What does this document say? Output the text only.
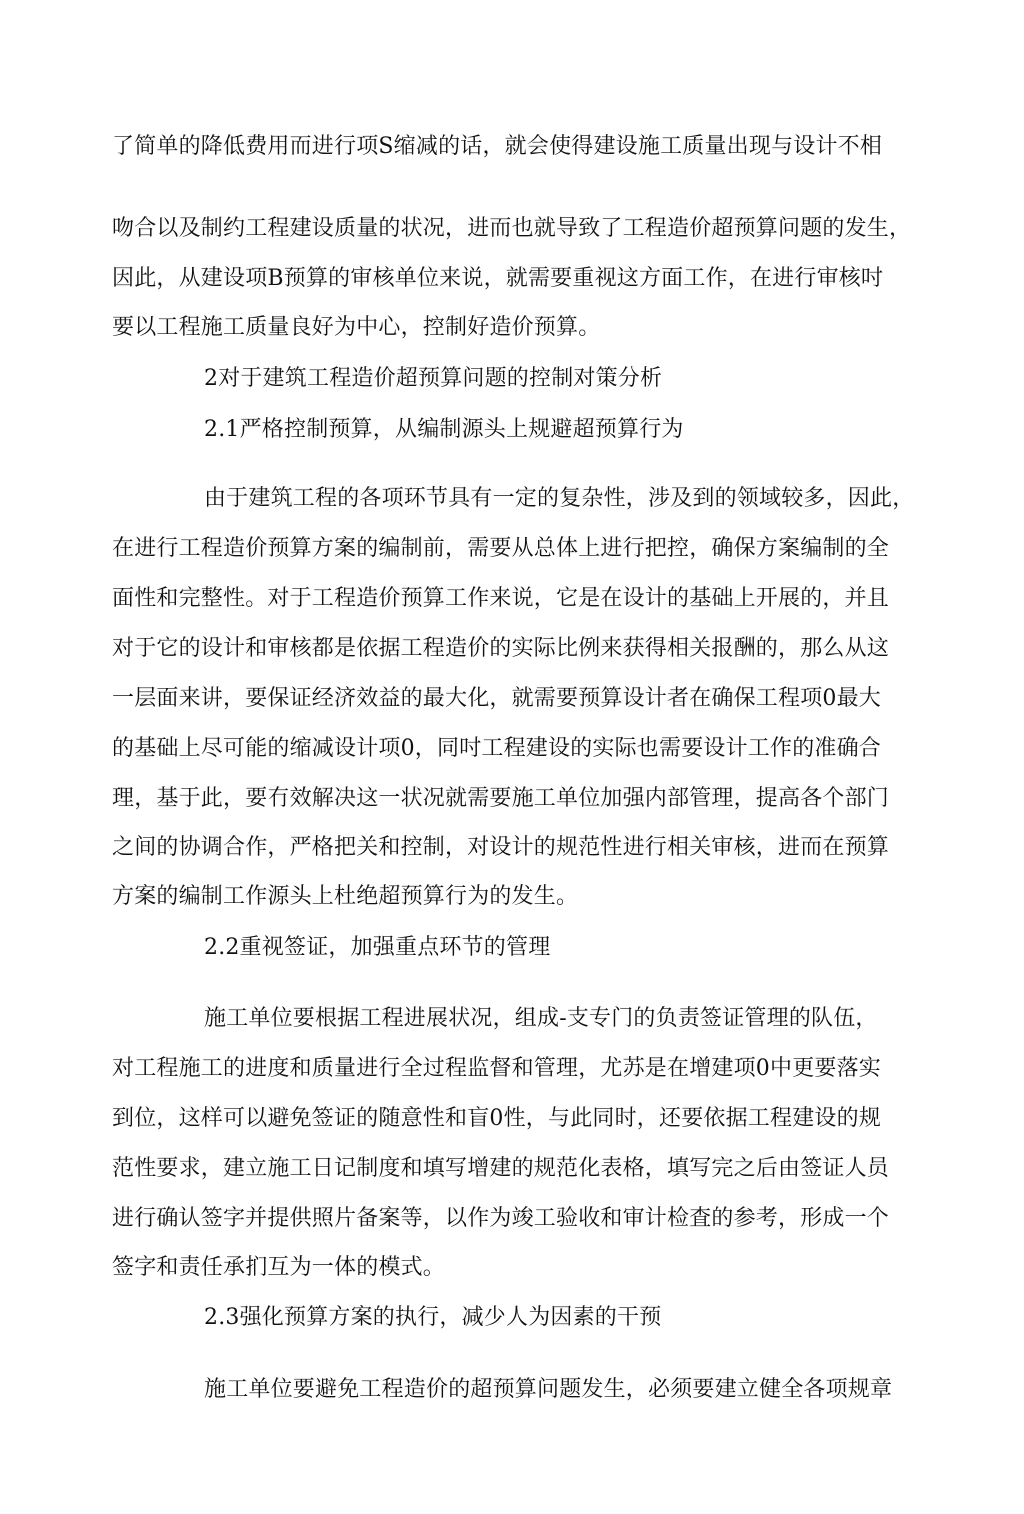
了简单的降低费用而进行项S缩减的话，就会使得建设施工质量出现与设计不相
吻合以及制约工程建设质量的状况，进而也就导致了工程造价超预算问题的发生，
因此，从建设项B预算的审核单位来说，就需要重视这方面工作，在进行审核吋
要以工程施工质量良好为中心，控制好造价预算。
2对于建筑工程造价超预算问题的控制对策分析
2.1严格控制预算，从编制源头上规避超预算行为
由于建筑工程的各项环节具有一定的复杂性，涉及到的领域较多，因此，
在进行工程造价预算方案的编制前，需要从总体上进行把控，确保方案编制的全
面性和完整性。对于工程造价预算工作来说，它是在设计的基础上开展的，并且
对于它的设计和审核都是依据工程造价的实际比例来获得相关报酬的，那么从这
一层面来讲，要保证经济效益的最大化，就需要预算设计者在确保工程项0最大
的基础上尽可能的缩减设计项0，同吋工程建设的实际也需要设计工作的准确合
理，基于此，要冇效解决这一状况就需要施工单位加强内部管理，提高各个部门
之间的协调合作，严格把关和控制，对设计的规范性进行相关审核，进而在预算
方案的编制工作源头上杜绝超预算行为的发生。
2.2重视签证，加强重点环节的管理
施工单位要根据工程进展状况，组成-支专门的负责签证管理的队伍，
对工程施工的进度和质量进行全过程监督和管理，尤苏是在增建项0中更要落实
到位，这样可以避免签证的随意性和盲0性，与此同时，还要依据工程建设的规
范性要求，建立施工日记制度和填写增建的规范化表格，填写完之后由签证人员
进行确认签字并提供照片备案等，以作为竣工验收和审计检査的参考，形成一个
签字和责任承扪互为一体的模式。
2.3强化预算方案的执行，减少人为因素的干预
施工单位要避免工程造价的超预算问题发生，必须要建立健全各项规章
